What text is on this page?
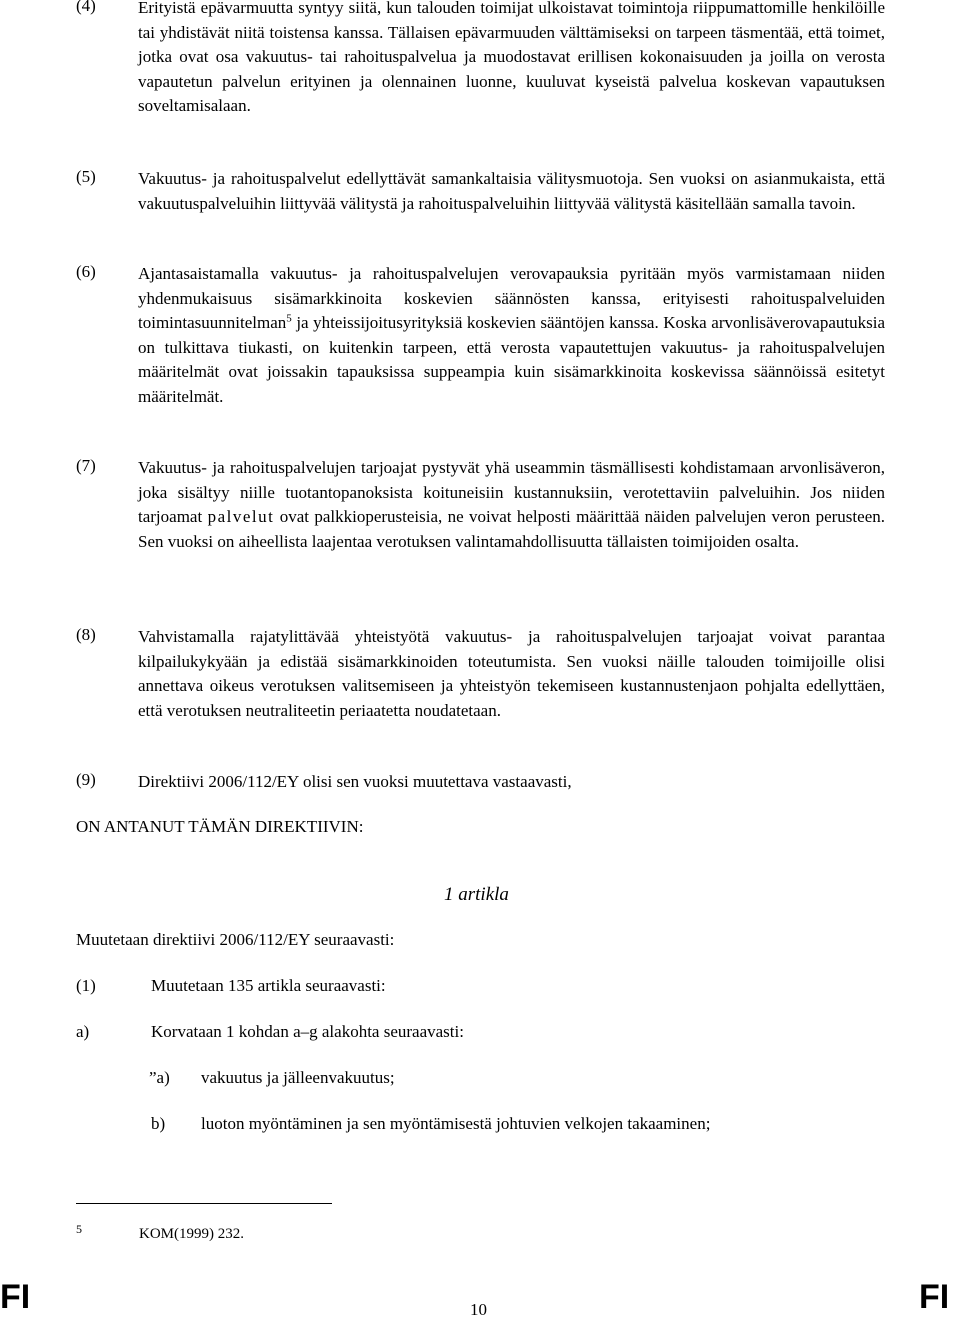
(4) Erityistä epävarmuutta syntyy siitä, kun talouden toimijat ulkoistavat toimintoja riippumattomille henkilöille tai yhdistävät niitä toistensa kanssa. Tällaisen epävarmuuden välttämiseksi on tarpeen täsmentää, että toimet, jotka ovat osa vakuutus- tai rahoituspalvelua ja muodostavat erillisen kokonaisuuden ja joilla on verosta vapautetun palvelun erityinen ja olennainen luonne, kuuluvat kyseistä palvelua koskevan vapautuksen soveltamisalaan.
(5) Vakuutus- ja rahoituspalvelut edellyttävät samankaltaisia välitysmuotoja. Sen vuoksi on asianmukaista, että vakuutuspalveluihin liittyvää välitystä ja rahoituspalveluihin liittyvää välitystä käsitellään samalla tavoin.
(6) Ajantasaistamalla vakuutus- ja rahoituspalvelujen verovapauksia pyritään myös varmistamaan niiden yhdenmukaisuus sisämarkkinoita koskevien säännösten kanssa, erityisesti rahoituspalveluiden toimintasuunnitelman$^5$ ja yhteissijoitusyrityksiä koskevien sääntöjen kanssa. Koska arvonlisäverovapautuksia on tulkittava tiukasti, on kuitenkin tarpeen, että verosta vapautettujen vakuutus- ja rahoituspalvelujen määritelmät ovat joissakin tapauksissa suppeampia kuin sisämarkkinoita koskevissa säännöissä esitetyt määritelmät.
(7) Vakuutus- ja rahoituspalvelujen tarjoajat pystyvät yhä useammin täsmällisesti kohdistamaan arvonlisäveron, joka sisältyy niille tuotantopanoksista koituneisiin kustannuksiin, verotettaviin palveluihin. Jos niiden tarjoamat palvelut ovat palkkioperusteisia, ne voivat helposti määrittää näiden palvelujen veron perusteen. Sen vuoksi on aiheellista laajentaa verotuksen valintamahdollisuutta tällaisten toimijoiden osalta.
(8) Vahvistamalla rajatylittävää yhteistyötä vakuutus- ja rahoituspalvelujen tarjoajat voivat parantaa kilpailukykyään ja edistää sisämarkkinoiden toteutumista. Sen vuoksi näille talouden toimijoille olisi annettava oikeus verotuksen valitsemiseen ja yhteistyön tekemiseen kustannustenjaon pohjalta edellyttäen, että verotuksen neutraliteetin periaatetta noudatetaan.
(9) Direktiivi 2006/112/EY olisi sen vuoksi muutettava vastaavasti,
ON ANTANUT TÄMÄN DIREKTIIVIN:
1 artikla
Muutetaan direktiivi 2006/112/EY seuraavasti:
(1)	Muutetaan 135 artikla seuraavasti:
a)	Korvataan 1 kohdan a–g alakohta seuraavasti:
”a) vakuutus ja jälleenvakuutus;
b) luoton myöntäminen ja sen myöntämisestä johtuvien velkojen takaaminen;
5	KOM(1999) 232.
FI	10	FI
